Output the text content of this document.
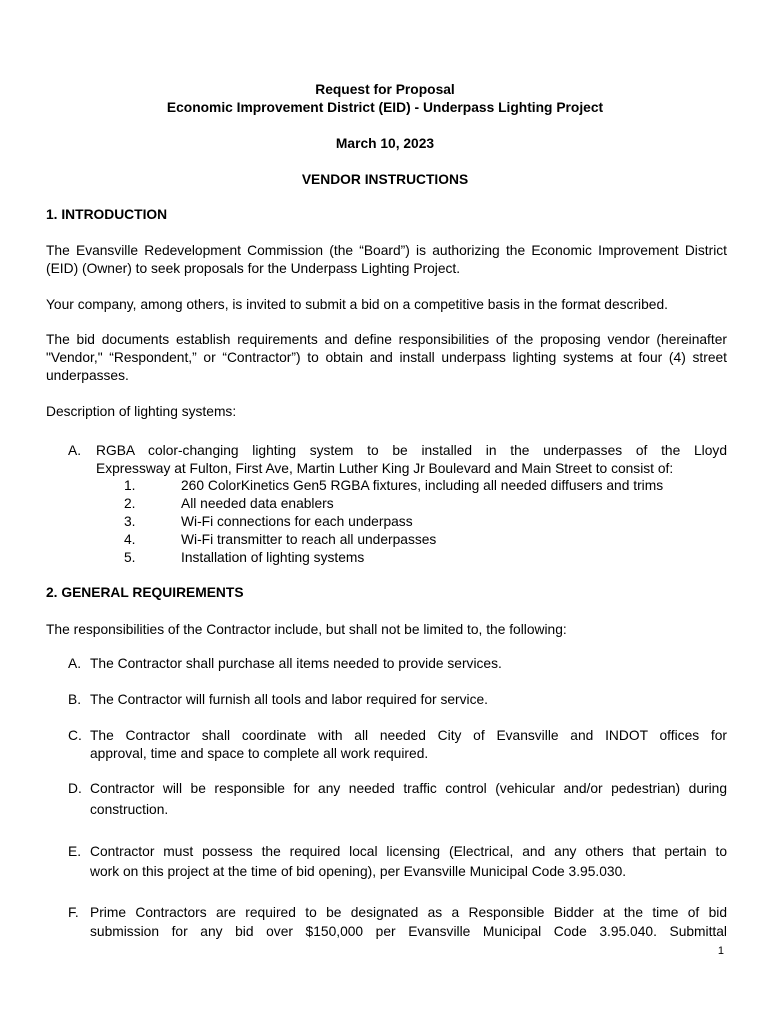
Request for Proposal
Economic Improvement District (EID) - Underpass Lighting Project
March 10, 2023
VENDOR INSTRUCTIONS
1. INTRODUCTION
The Evansville Redevelopment Commission (the “Board”) is authorizing the Economic Improvement District (EID) (Owner) to seek proposals for the Underpass Lighting Project.
Your company, among others, is invited to submit a bid on a competitive basis in the format described.
The bid documents establish requirements and define responsibilities of the proposing vendor (hereinafter "Vendor," “Respondent,” or “Contractor”) to obtain and install underpass lighting systems at four (4) street underpasses.
Description of lighting systems:
A. RGBA color-changing lighting system to be installed in the underpasses of the Lloyd
Expressway at Fulton, First Ave, Martin Luther King Jr Boulevard and Main Street to consist of:
1.	260 ColorKinetics Gen5 RGBA fixtures, including all needed diffusers and trims
2.	All needed data enablers
3.	Wi-Fi connections for each underpass
4.	Wi-Fi transmitter to reach all underpasses
5.	Installation of lighting systems
2. GENERAL REQUIREMENTS
The responsibilities of the Contractor include, but shall not be limited to, the following:
A. The Contractor shall purchase all items needed to provide services.
B. The Contractor will furnish all tools and labor required for service.
C. The Contractor shall coordinate with all needed City of Evansville and INDOT offices for
approval, time and space to complete all work required.
D. Contractor will be responsible for any needed traffic control (vehicular and/or pedestrian) during
construction.
E. Contractor must possess the required local licensing (Electrical, and any others that pertain to
work on this project at the time of bid opening), per Evansville Municipal Code 3.95.030.
F. Prime Contractors are required to be designated as a Responsible Bidder at the time of bid
submission for any bid over $150,000 per Evansville Municipal Code 3.95.040. Submittal
1
